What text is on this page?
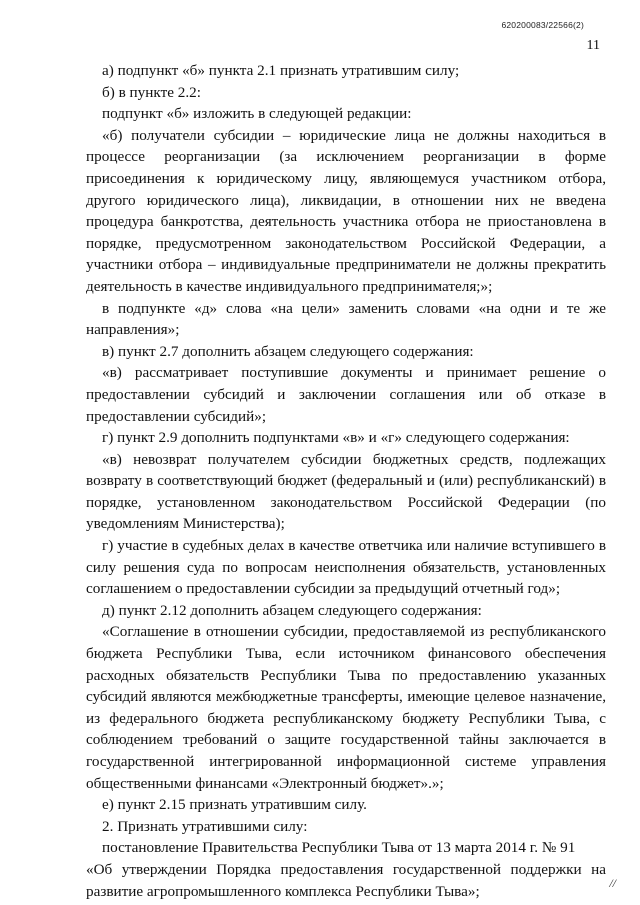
620200083/22566(2)
11

а) подпункт «б» пункта 2.1 признать утратившим силу;

б) в пункте 2.2:

подпункт «б» изложить в следующей редакции:

«б) получатели субсидии – юридические лица не должны находиться в процессе реорганизации (за исключением реорганизации в форме присоединения к юридическому лицу, являющемуся участником отбора, другого юридического лица), ликвидации, в отношении них не введена процедура банкротства, деятельность участника отбора не приостановлена в порядке, предусмотренном законодательством Российской Федерации, а участники отбора – индивидуальные предприниматели не должны прекратить деятельность в качестве индивидуального предпринимателя;»;

в подпункте «д» слова «на цели» заменить словами «на одни и те же направления»;

в) пункт 2.7 дополнить абзацем следующего содержания:

«в) рассматривает поступившие документы и принимает решение о предоставлении субсидий и заключении соглашения или об отказе в предоставлении субсидий»;

г) пункт 2.9 дополнить подпунктами «в» и «г» следующего содержания:

«в) невозврат получателем субсидии бюджетных средств, подлежащих возврату в соответствующий бюджет (федеральный и (или) республиканский) в порядке, установленном законодательством Российской Федерации (по уведомлениям Министерства);

г) участие в судебных делах в качестве ответчика или наличие вступившего в силу решения суда по вопросам неисполнения обязательств, установленных соглашением о предоставлении субсидии за предыдущий отчетный год»;

д) пункт 2.12 дополнить абзацем следующего содержания:

«Соглашение в отношении субсидии, предоставляемой из республиканского бюджета Республики Тыва, если источником финансового обеспечения расходных обязательств Республики Тыва по предоставлению указанных субсидий являются межбюджетные трансферты, имеющие целевое назначение, из федерального бюджета республиканскому бюджету Республики Тыва, с соблюдением требований о защите государственной тайны заключается в государственной интегрированной информационной системе управления общественными финансами «Электронный бюджет».»;

е) пункт 2.15 признать утратившим силу.

2. Признать утратившими силу:

постановление Правительства Республики Тыва от 13 марта 2014 г. № 91

«Об утверждении Порядка предоставления государственной поддержки на развитие агропромышленного комплекса Республики Тыва»;	//
